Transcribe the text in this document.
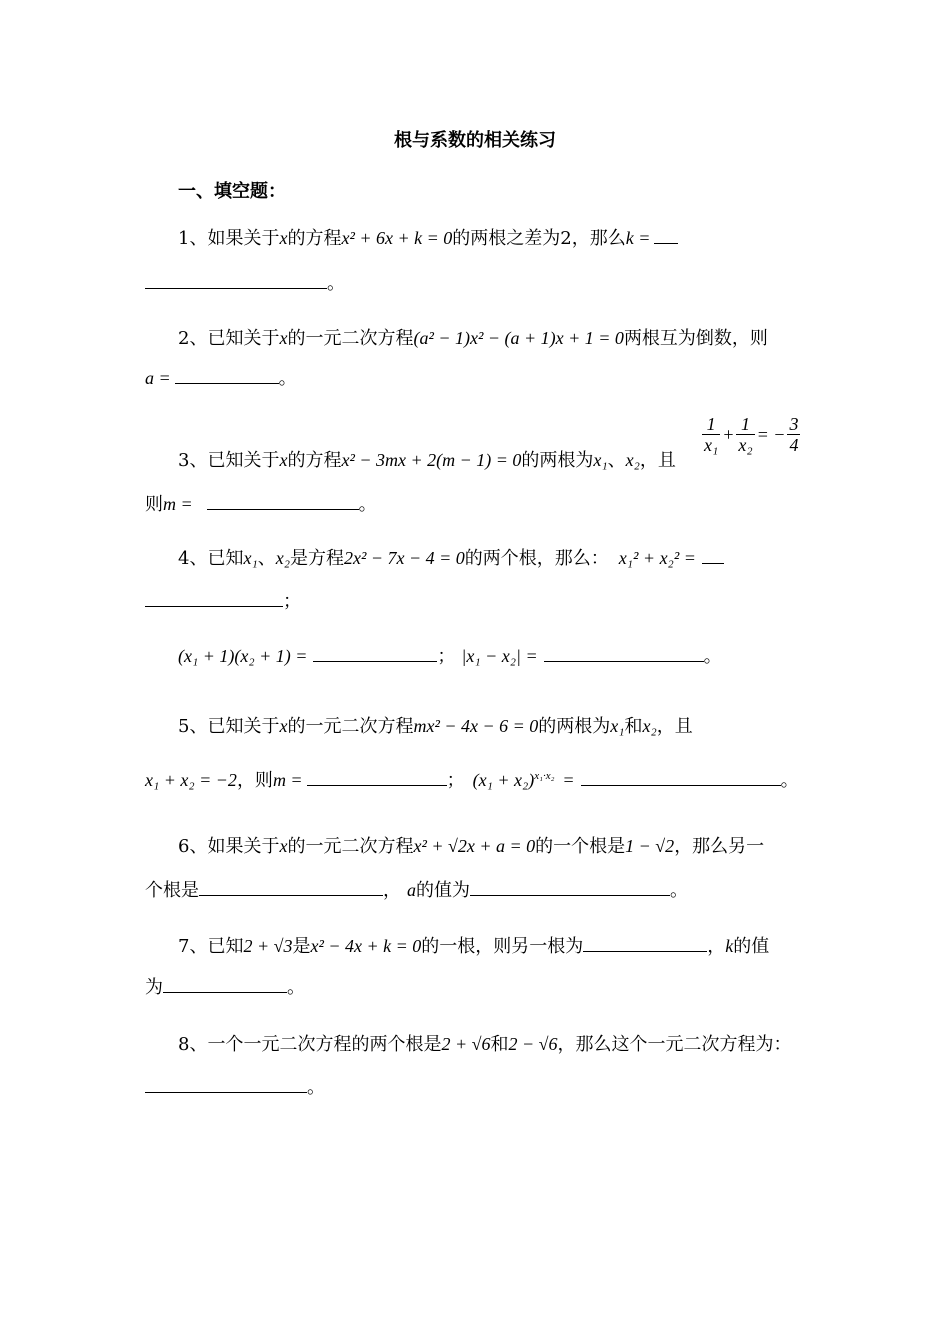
根与系数的相关练习
一、填空题：
1、如果关于x的方程x² + 6x + k = 0的两根之差为2，那么k =
。
2、已知关于x的一元二次方程(a² − 1)x² − (a + 1)x + 1 = 0两根互为倒数，则
a =	。
3、已知关于x的方程x² − 3mx + 2(m − 1) = 0的两根为x₁、x₂，且
$\frac{1}{\text{x₁}} + \frac{1}{\text{x₂}}$ = − $\frac{3}{4}$
则m =	。
4、已知x₁、x₂是方程2x² − 7x − 4 = 0的两个根，那么： x₁² + x₂² =
；
(x₁ + 1)(x₂ + 1) =	； |x₁ − x₂| =	。
5、已知关于x的一元二次方程mx² − 4x − 6 = 0的两根为x₁和x₂，且
x₁ + x₂ = −2，则m =	； $(x_1 + x_2)^{x_1\cdot x_2}$ =	。
6、如果关于x的一元二次方程x² + √2x + a = 0的一个根是1 − √2，那么另一
个根是	， a的值为	。
7、已知2 + √3是x² − 4x + k = 0的一根，则另一根为	，k的值
为	。
8、一个一元二次方程的两个根是2 + √6和2 − √6，那么这个一元二次方程为：
。
